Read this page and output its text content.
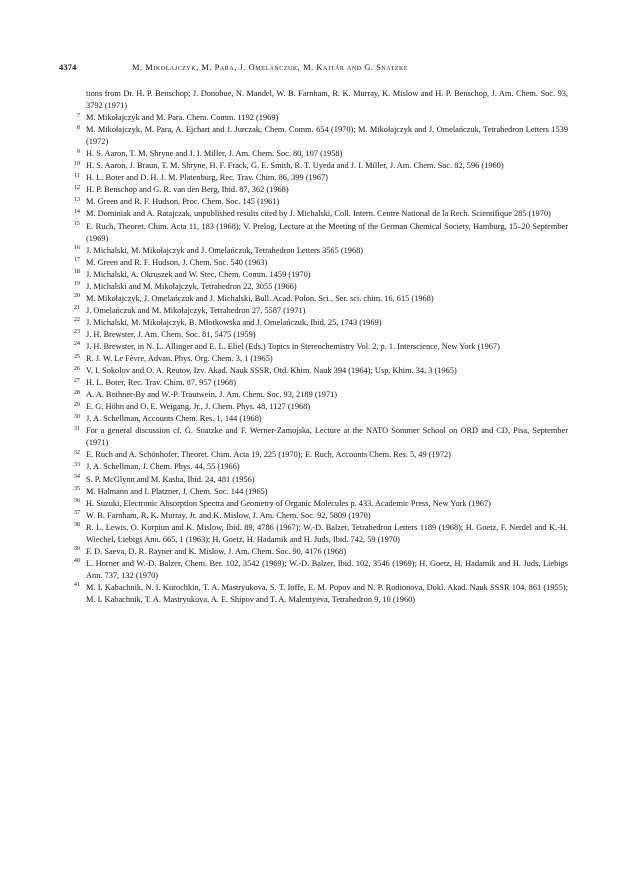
4374	M. Mikołajczyk, M. Para, J. Omelańczuk, M. Kajtár and G. Snatzke
tions from Dr. H. P. Benschop; J. Donohue, N. Mandel, W. B. Farnham, R. K. Murray, K. Mislow and H. P. Benschop, J. Am. Chem. Soc. 93, 3792 (1971)
7 M. Mikołajczyk and M. Para. Chem. Comm. 1192 (1969)
8 M. Mikołajczyk, M. Para, A. Ejchart and J. Jurczak, Chem. Comm. 654 (1970); M. Mikołajczyk and J. Omelańczuk, Tetrahedron Letters 1539 (1972)
9 H. S. Aaron, T. M. Shryne and J. I. Miller, J. Am. Chem. Soc. 80, 107 (1958)
10 H. S. Aaron, J. Braun, T. M. Shryne, H. F. Frack, G. E. Smith, R. T. Uyeda and J. I. Miller, J. Am. Chem. Soc. 82, 596 (1960)
11 H. L. Boter and D. H. J. M. Platenburg, Rec. Trav. Chim. 86, 399 (1967)
12 H. P. Benschop and G. R. van den Berg, Ibid. 87, 362 (1968)
13 M. Green and R. F. Hudson, Proc. Chem. Soc. 145 (1961)
14 M. Dominiak and A. Ratajczak, unpublished results cited by J. Michalski, Coll. Intern. Centre National de la Rech. Scientifique 285 (1970)
15 E. Ruch, Theoret. Chim. Acta 11, 183 (1968); V. Prelog, Lecture at the Meeting of the German Chemical Society, Hamburg, 15–20 September (1969)
16 J. Michalski, M. Mikołajczyk and J. Omelańczuk, Tetrahedron Letters 3565 (1968)
17 M. Green and R. F. Hudson, J. Chem. Soc. 540 (1963)
18 J. Michalski, A. Okruszek and W. Stec, Chem. Comm. 1459 (1970)
19 J. Michalski and M. Mikołajczyk, Tetrahedron 22, 3055 (1966)
20 M. Mikołajczyk, J. Omelańczuk and J. Michalski, Bull. Acad. Polon. Sci., Ser. sci. chim. 16, 615 (1968)
21 J. Omelańczuk and M. Mikołajczyk, Tetrahedron 27, 5587 (1971)
22 J. Michalski, M. Mikołajczyk, B. Młotkowska and J. Omelańczuk, Ibid. 25, 1743 (1969)
23 J. H. Brewster, J. Am. Chem. Soc. 81, 5475 (1959)
24 J. H. Brewster, in N. L. Allinger and E. L. Eliel (Eds.) Topics in Stereochemistry Vol. 2, p. 1. Interscience, New York (1967)
25 R. J. W. Le Fèvre, Advan. Phys. Org. Chem. 3, 1 (1965)
26 V. I. Sokolov and O. A. Reutov, Izv. Akad. Nauk SSSR, Otd. Khim. Nauk 394 (1964); Usp. Khim. 34, 3 (1965)
27 H. L. Boter, Rec. Trav. Chim. 87, 957 (1968)
28 A. A. Bothner-By and W.-P. Trautwein, J. Am. Chem. Soc. 93, 2189 (1971)
29 E. G. Höhn and O. E. Weigang, Jr., J. Chem. Phys. 48, 1127 (1968)
30 J. A. Schellman, Accounts Chem. Res. 1, 144 (1968)
31 For a general discussion cf. G. Snatzke and F. Werner-Zamojska, Lecture at the NATO Sommer School on ORD and CD, Pisa, September (1971)
32 E. Ruch and A. Schönhofer, Theoret. Chim. Acta 19, 225 (1970); E. Ruch, Accounts Chem. Res. 5, 49 (1972)
33 J. A. Schellman, J. Chem. Phys. 44, 55 (1966)
34 S. P. McGlynn and M. Kasha, Ibid. 24, 481 (1956)
35 M. Halmann and I. Platzner, J. Chem. Soc. 144 (1965)
36 H. Suzuki, Electronic Absorption Spectra and Geometry of Organic Molecules p. 433. Academic Press, New York (1967)
37 W. B. Farnham, R. K. Murray, Jr. and K. Mislow, J. Am. Chem. Soc. 92, 5809 (1970)
38 R. L. Lewis, O. Korpiun and K. Mislow, Ibid. 89, 4786 (1967); W.-D. Balzer, Tetrahedron Letters 1189 (1968); H. Goetz, F. Nerdel and K.-H. Wiechel, Liebigs Ann. 665, 1 (1963); H. Goetz, H. Hadamik and H. Juds, Ibid. 742, 59 (1970)
39 F. D. Saeva, D. R. Rayner and K. Mislow, J. Am. Chem. Soc. 90, 4176 (1968)
40 L. Horner and W.-D. Balzer, Chem. Ber. 102, 3542 (1969); W.-D. Balzer, Ibid. 102, 3546 (1969); H. Goetz, H. Hadamik and H. Juds, Liebigs Ann. 737, 132 (1970)
41 M. I. Kabachnik, N. I. Kurochkin, T. A. Mastryukova, S. T. Ioffe, E. M. Popov and N. P. Rodionova, Dokl. Akad. Nauk SSSR 104, 861 (1955); M. I. Kabachnik, T. A. Mastryukova, A. E. Shipov and T. A. Malentyeva, Tetrahedron 9, 10 (1960)
